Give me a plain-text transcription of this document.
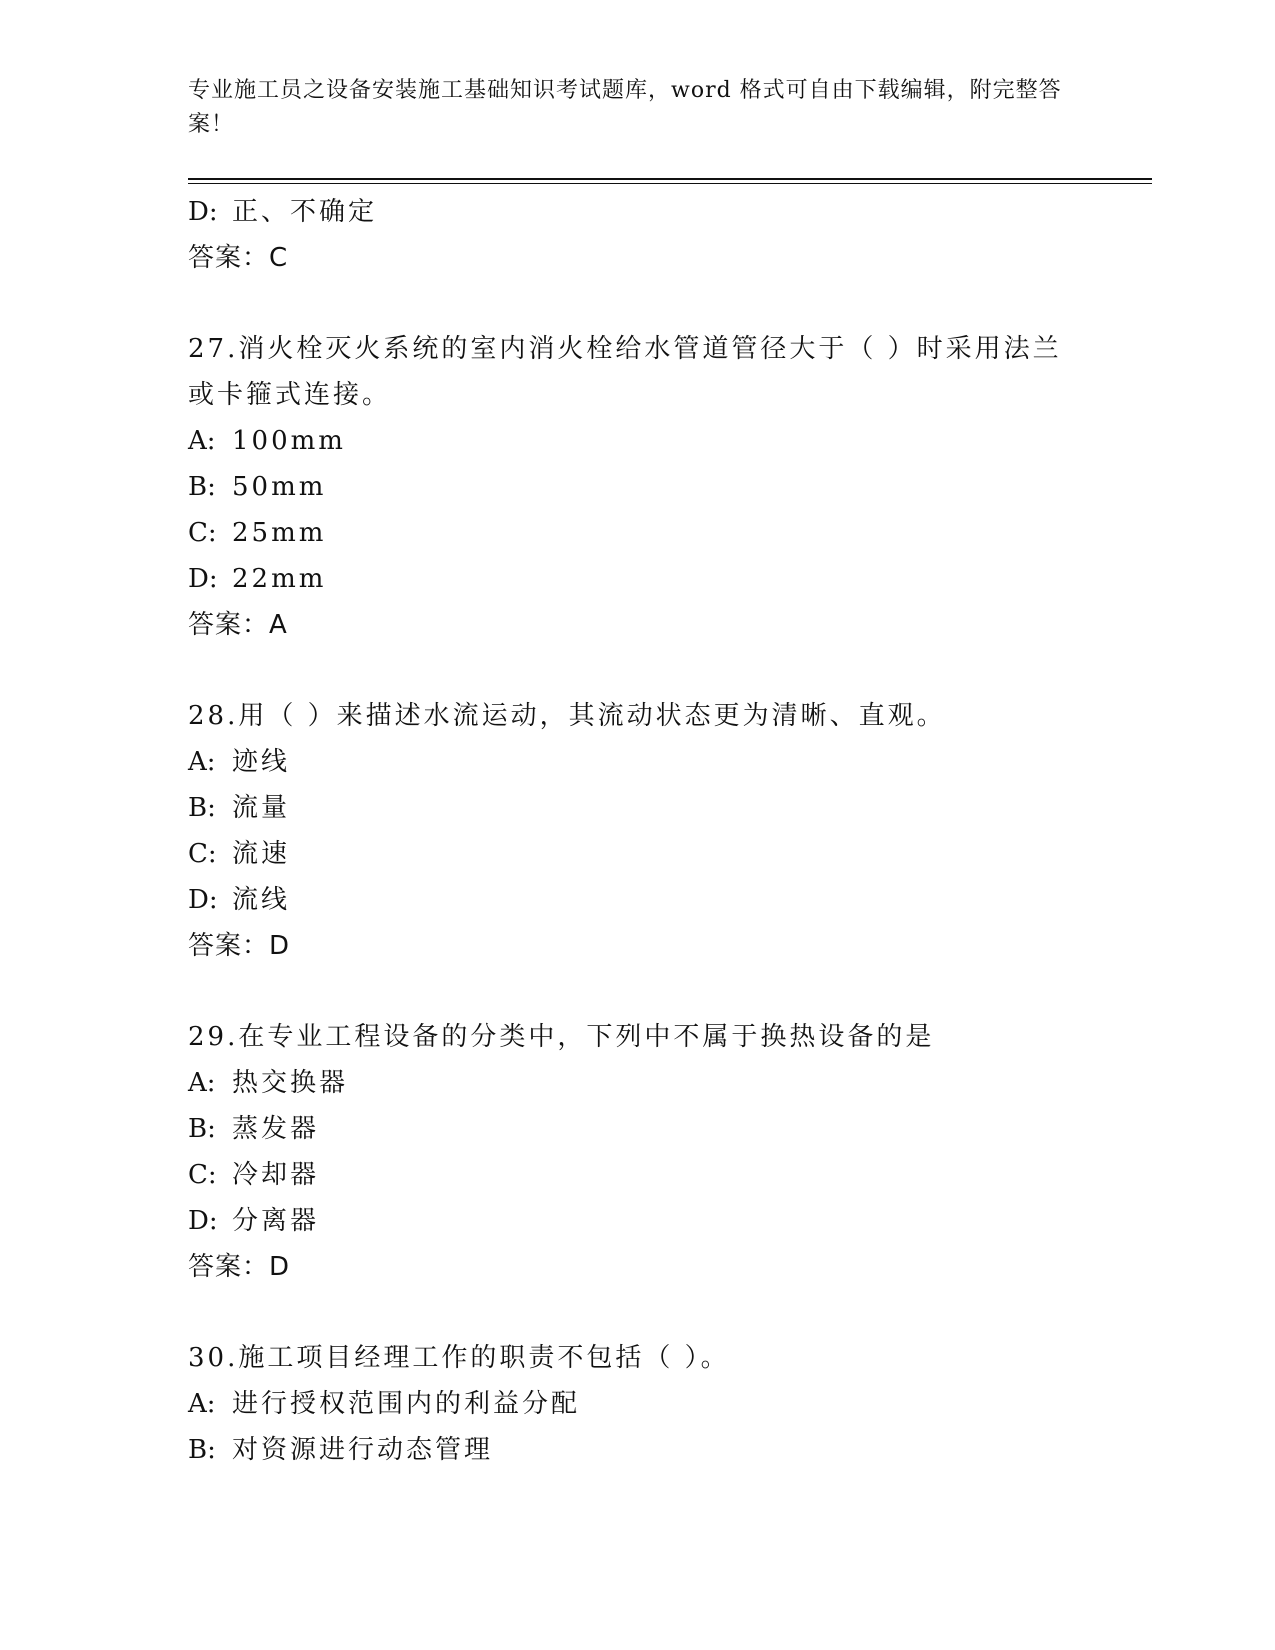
专业施工员之设备安装施工基础知识考试题库，word 格式可自由下载编辑，附完整答案！
D: 正、不确定
答案：C
27.消火栓灭火系统的室内消火栓给水管道管径大于（ ）时采用法兰
或卡箍式连接。
A: 100mm
B: 50mm
C: 25mm
D: 22mm
答案：A
28.用（ ）来描述水流运动，其流动状态更为清晰、直观。
A: 迹线
B: 流量
C: 流速
D: 流线
答案：D
29.在专业工程设备的分类中，下列中不属于换热设备的是
A: 热交换器
B: 蒸发器
C: 冷却器
D: 分离器
答案：D
30.施工项目经理工作的职责不包括（ ）。
A: 进行授权范围内的利益分配
B: 对资源进行动态管理
